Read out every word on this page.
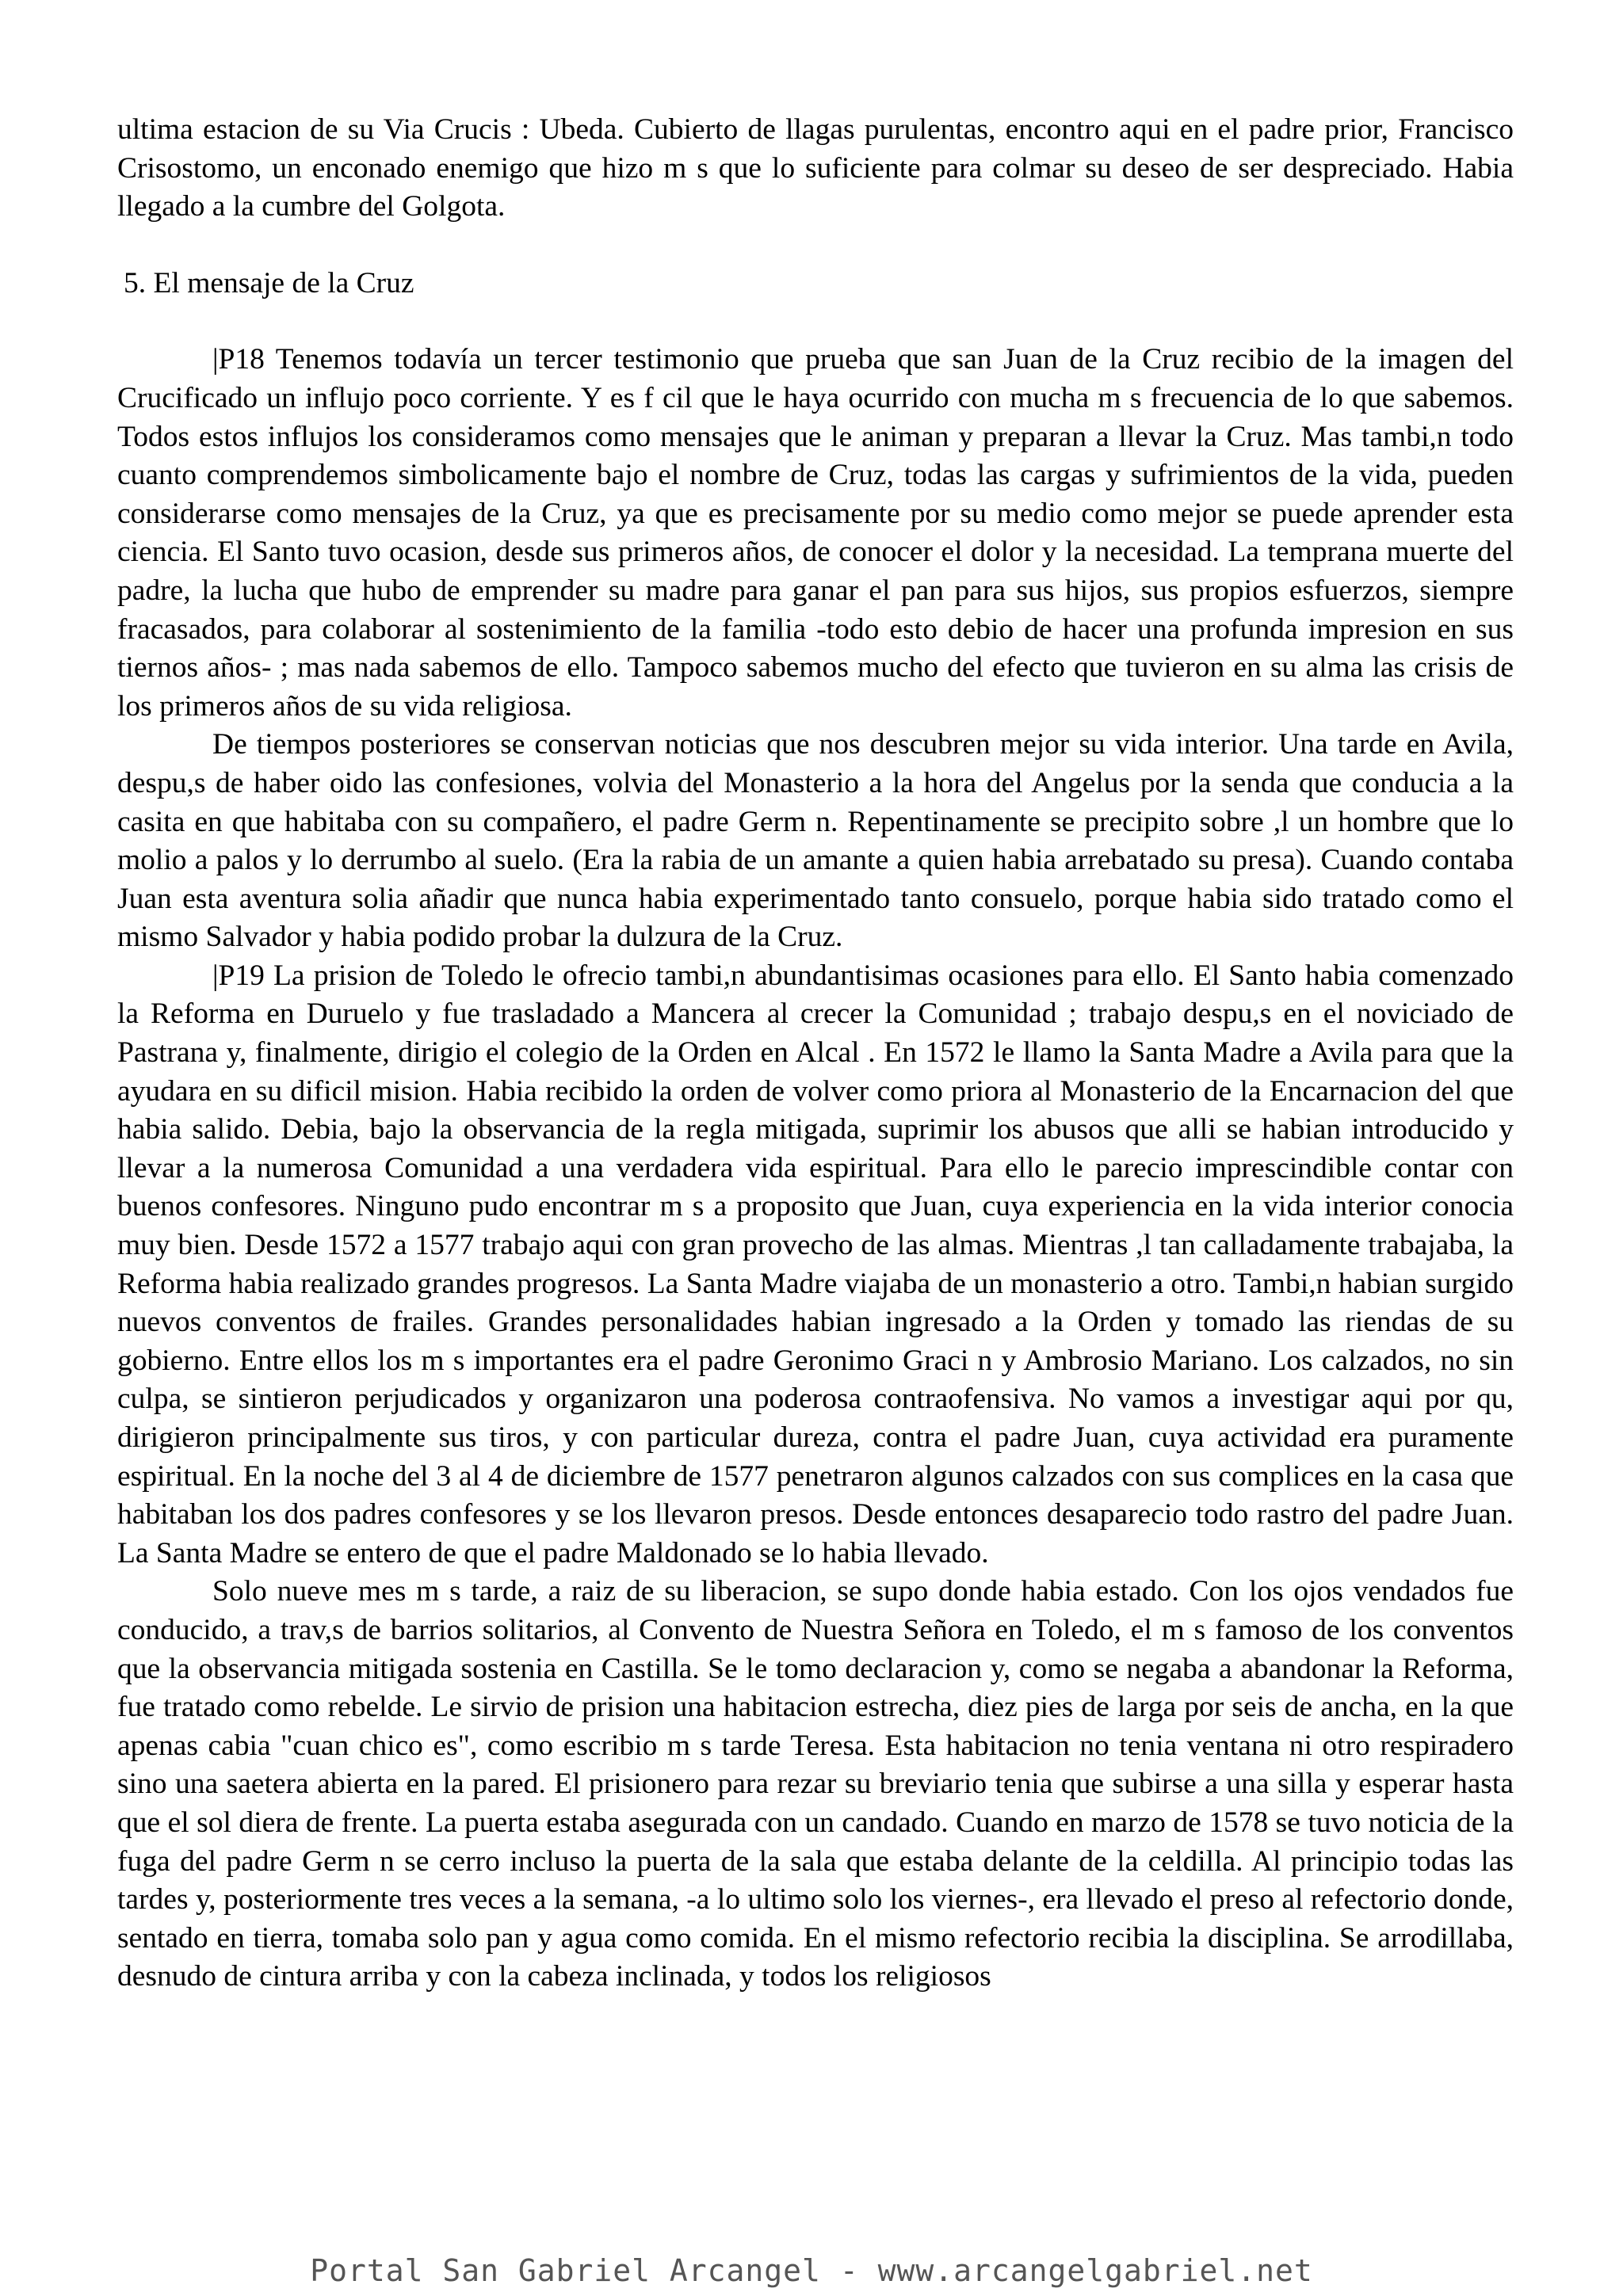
ultima estacion de su Via Crucis : Ubeda. Cubierto de llagas purulentas, encontro aqui en el padre prior, Francisco Crisostomo, un enconado enemigo que hizo m s que lo suficiente para colmar su deseo de ser despreciado. Habia llegado a la cumbre del Golgota.

5. El mensaje de la Cruz

|P18 Tenemos todavía un tercer testimonio que prueba que san Juan de la Cruz recibio de la imagen del Crucificado un influjo poco corriente. Y es f cil que le haya ocurrido con mucha m s frecuencia de lo que sabemos. Todos estos influjos los consideramos como mensajes que le animan y preparan a llevar la Cruz. Mas tambi,n todo cuanto comprendemos simbolicamente bajo el nombre de Cruz, todas las cargas y sufrimientos de la vida, pueden considerarse como mensajes de la Cruz, ya que es precisamente por su medio como mejor se puede aprender esta ciencia. El Santo tuvo ocasion, desde sus primeros años, de conocer el dolor y la necesidad. La temprana muerte del padre, la lucha que hubo de emprender su madre para ganar el pan para sus hijos, sus propios esfuerzos, siempre fracasados, para colaborar al sostenimiento de la familia -todo esto debio de hacer una profunda impresion en sus tiernos años- ; mas nada sabemos de ello. Tampoco sabemos mucho del efecto que tuvieron en su alma las crisis de los primeros años de su vida religiosa.

De tiempos posteriores se conservan noticias que nos descubren mejor su vida interior. Una tarde en Avila, despu,s de haber oido las confesiones, volvia del Monasterio a la hora del Angelus por la senda que conducia a la casita en que habitaba con su compañero, el padre Germ n. Repentinamente se precipito sobre ,l un hombre que lo molio a palos y lo derrumbo al suelo. (Era la rabia de un amante a quien habia arrebatado su presa). Cuando contaba Juan esta aventura solia añadir que nunca habia experimentado tanto consuelo, porque habia sido tratado como el mismo Salvador y habia podido probar la dulzura de la Cruz.

|P19 La prision de Toledo le ofrecio tambi,n abundantisimas ocasiones para ello. El Santo habia comenzado la Reforma en Duruelo y fue trasladado a Mancera al crecer la Comunidad ; trabajo despu,s en el noviciado de Pastrana y, finalmente, dirigio el colegio de la Orden en Alcal . En 1572 le llamo la Santa Madre a Avila para que la ayudara en su dificil mision. Habia recibido la orden de volver como priora al Monasterio de la Encarnacion del que habia salido. Debia, bajo la observancia de la regla mitigada, suprimir los abusos que alli se habian introducido y llevar a la numerosa Comunidad a una verdadera vida espiritual. Para ello le parecio imprescindible contar con buenos confesores. Ninguno pudo encontrar m s a proposito que Juan, cuya experiencia en la vida interior conocia muy bien. Desde 1572 a 1577 trabajo aqui con gran provecho de las almas. Mientras ,l tan calladamente trabajaba, la Reforma habia realizado grandes progresos. La Santa Madre viajaba de un monasterio a otro. Tambi,n habian surgido nuevos conventos de frailes. Grandes personalidades habian ingresado a la Orden y tomado las riendas de su gobierno. Entre ellos los m s importantes era el padre Geronimo Graci n y Ambrosio Mariano. Los calzados, no sin culpa, se sintieron perjudicados y organizaron una poderosa contraofensiva. No vamos a investigar aqui por qu, dirigieron principalmente sus tiros, y con particular dureza, contra el padre Juan, cuya actividad era puramente espiritual. En la noche del 3 al 4 de diciembre de 1577 penetraron algunos calzados con sus complices en la casa que habitaban los dos padres confesores y se los llevaron presos. Desde entonces desaparecio todo rastro del padre Juan. La Santa Madre se entero de que el padre Maldonado se lo habia llevado.

Solo nueve mes m s tarde, a raiz de su liberacion, se supo donde habia estado. Con los ojos vendados fue conducido, a trav,s de barrios solitarios, al Convento de Nuestra Señora en Toledo, el m s famoso de los conventos que la observancia mitigada sostenia en Castilla. Se le tomo declaracion y, como se negaba a abandonar la Reforma, fue tratado como rebelde. Le sirvio de prision una habitacion estrecha, diez pies de larga por seis de ancha, en la que apenas cabia "cuan chico es", como escribio m s tarde Teresa. Esta habitacion no tenia ventana ni otro respiradero sino una saetera abierta en la pared. El prisionero para rezar su breviario tenia que subirse a una silla y esperar hasta que el sol diera de frente. La puerta estaba asegurada con un candado. Cuando en marzo de 1578 se tuvo noticia de la fuga del padre Germ n se cerro incluso la puerta de la sala que estaba delante de la celdilla. Al principio todas las tardes y, posteriormente tres veces a la semana, -a lo ultimo solo los viernes-, era llevado el preso al refectorio donde, sentado en tierra, tomaba solo pan y agua como comida. En el mismo refectorio recibia la disciplina. Se arrodillaba, desnudo de cintura arriba y con la cabeza inclinada, y todos los religiosos

Portal San Gabriel Arcangel - www.arcangelgabriel.net
